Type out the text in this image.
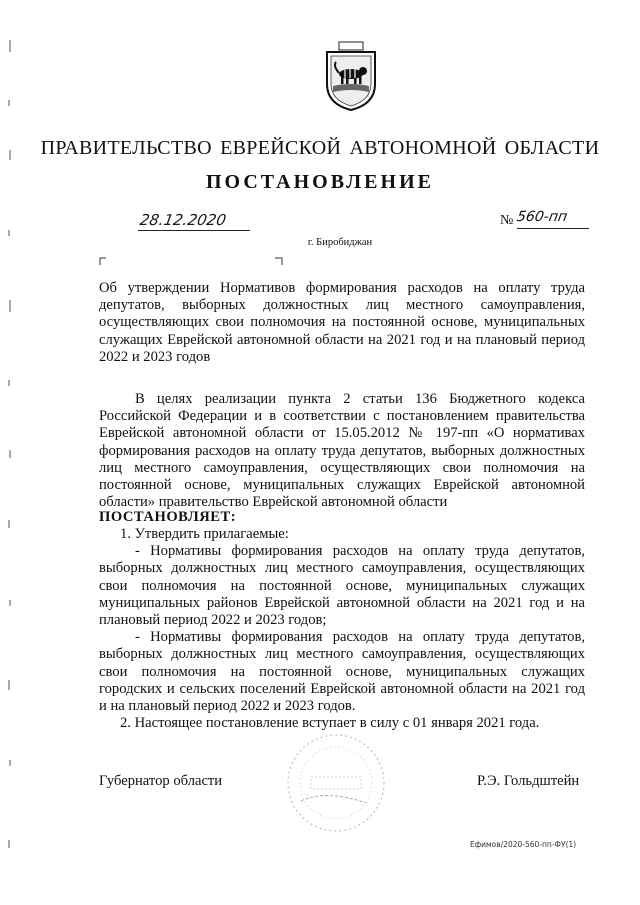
ПРАВИТЕЛЬСТВО ЕВРЕЙСКОЙ АВТОНОМНОЙ ОБЛАСТИ
ПОСТАНОВЛЕНИЕ
28.12.2020	№ 560-пп
г. Биробиджан
Об утверждении Нормативов формирования расходов на оплату труда депутатов, выборных должностных лиц местного самоуправления, осуществляющих свои полномочия на постоянной основе, муниципальных служащих Еврейской автономной области на 2021 год и на плановый период 2022 и 2023 годов
В целях реализации пункта 2 статьи 136 Бюджетного кодекса Российской Федерации и в соответствии с постановлением правительства Еврейской автономной области от 15.05.2012 № 197-пп «О нормативах формирования расходов на оплату труда депутатов, выборных должностных лиц местного самоуправления, осуществляющих свои полномочия на постоянной основе, муниципальных служащих Еврейской автономной области» правительство Еврейской автономной области
ПОСТАНОВЛЯЕТ:

1. Утвердить прилагаемые:

- Нормативы формирования расходов на оплату труда депутатов, выборных должностных лиц местного самоуправления, осуществляющих свои полномочия на постоянной основе, муниципальных служащих муниципальных районов Еврейской автономной области на 2021 год и на плановый период 2022 и 2023 годов;

- Нормативы формирования расходов на оплату труда депутатов, выборных должностных лиц местного самоуправления, осуществляющих свои полномочия на постоянной основе, муниципальных служащих городских и сельских поселений Еврейской автономной области на 2021 год и на плановый период 2022 и 2023 годов.

2. Настоящее постановление вступает в силу с 01 января 2021 года.

Губернатор области	Р.Э. Гольдштейн
Ефимов/2020-560-пп-ФУ(1)
